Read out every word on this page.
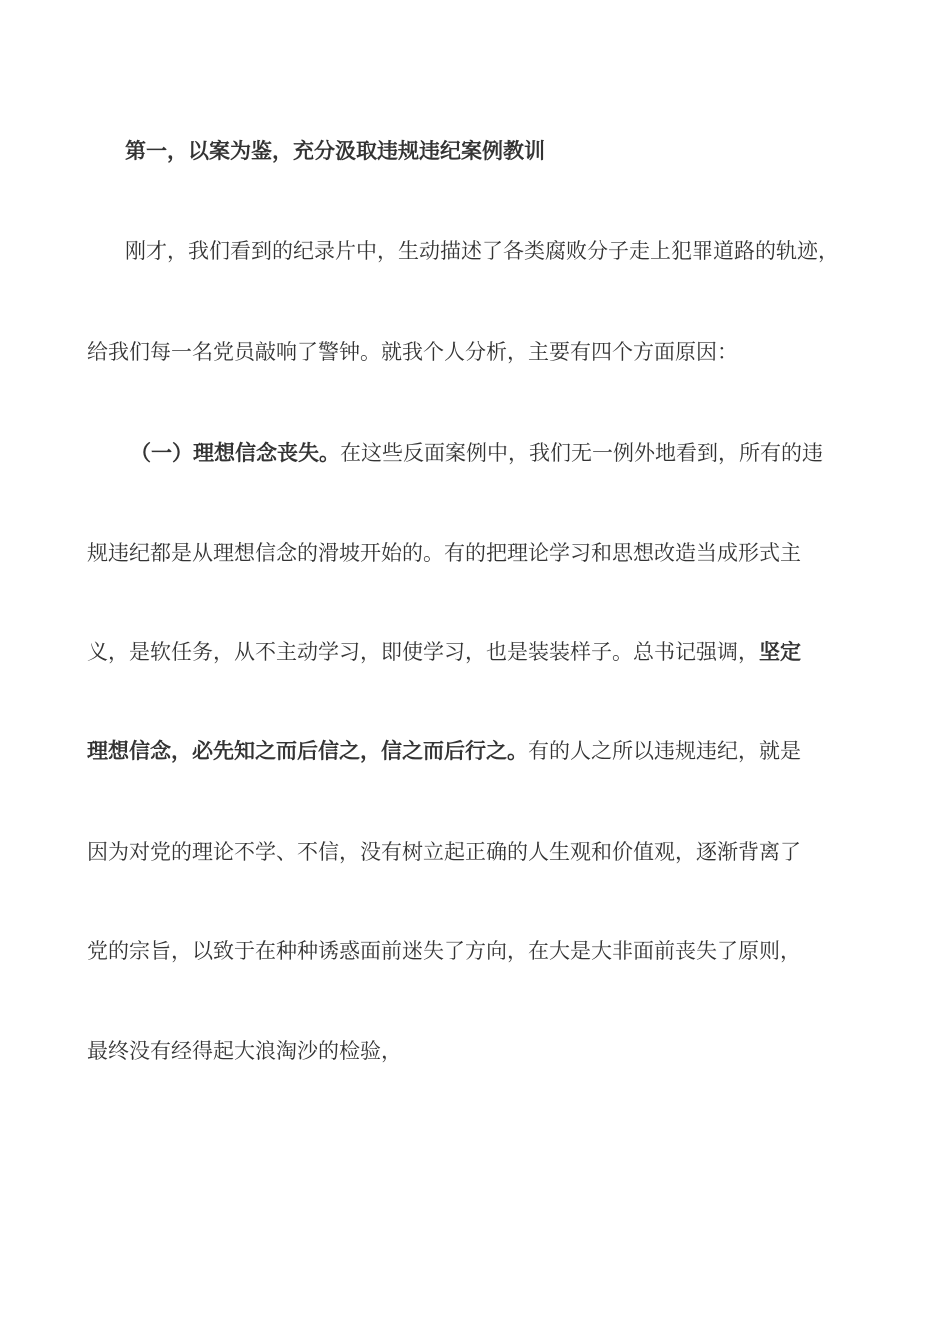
第一，以案为鉴，充分汲取违规违纪案例教训
刚才，我们看到的纪录片中，生动描述了各类腐败分子走上犯罪道路的轨迹，
给我们每一名党员敲响了警钟。就我个人分析，主要有四个方面原因：
（一）理想信念丧失。在这些反面案例中，我们无一例外地看到，所有的违
规违纪都是从理想信念的滑坡开始的。有的把理论学习和思想改造当成形式主
义，是软任务，从不主动学习，即使学习，也是装装样子。总书记强调，坚定
理想信念，必先知之而后信之，信之而后行之。有的人之所以违规违纪，就是
因为对党的理论不学、不信，没有树立起正确的人生观和价值观，逐渐背离了
党的宗旨，以致于在种种诱惑面前迷失了方向，在大是大非面前丧失了原则，
最终没有经得起大浪淘沙的检验，
